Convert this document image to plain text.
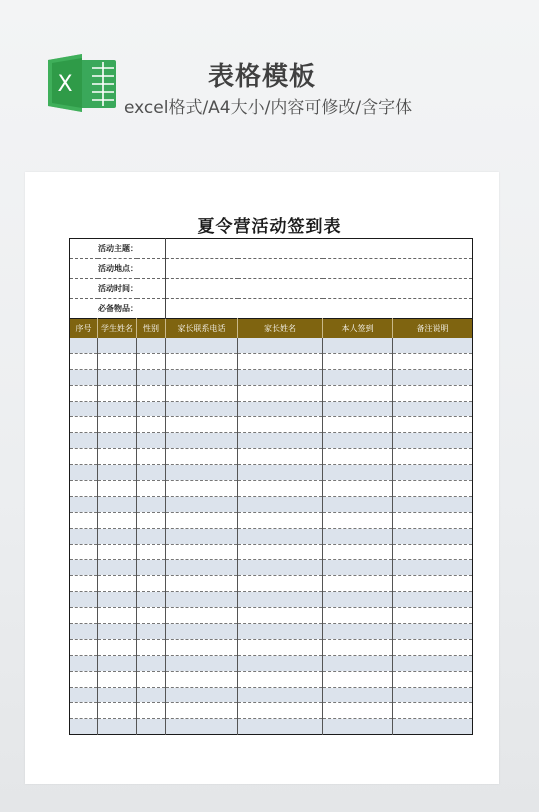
X	表格模板
excel格式/A4大小/内容可修改/含字体
夏令营活动签到表
活动主题：						
活动地点：						
活动时间：						
必备物品：						
序号	学生姓名	性别	家长联系电话	家长姓名	本人签到	备注说明
